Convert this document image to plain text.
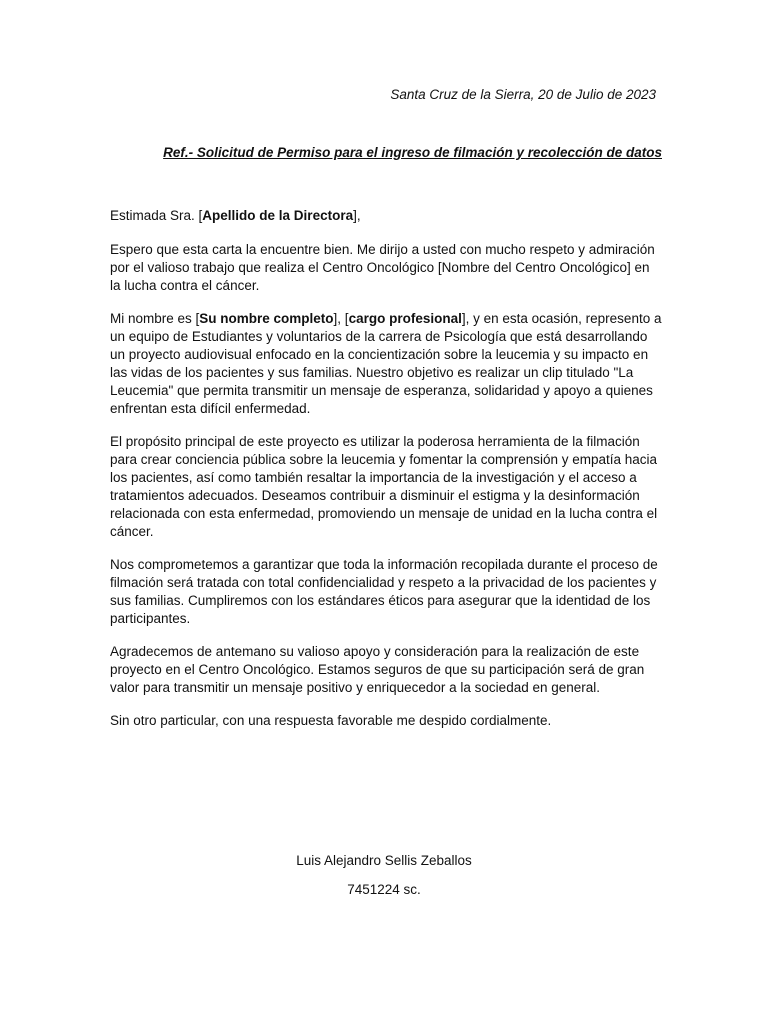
Santa Cruz de la Sierra, 20 de Julio de 2023
Ref.- Solicitud de Permiso para el ingreso de filmación y recolección de datos

Estimada Sra. [Apellido de la Directora],

Espero que esta carta la encuentre bien. Me dirijo a usted con mucho respeto y admiración por el valioso trabajo que realiza el Centro Oncológico [Nombre del Centro Oncológico] en la lucha contra el cáncer.

Mi nombre es [Su nombre completo], [cargo profesional], y en esta ocasión, represento a un equipo de Estudiantes y voluntarios de la carrera de Psicología que está desarrollando un proyecto audiovisual enfocado en la concientización sobre la leucemia y su impacto en las vidas de los pacientes y sus familias. Nuestro objetivo es realizar un clip titulado "La Leucemia" que permita transmitir un mensaje de esperanza, solidaridad y apoyo a quienes enfrentan esta difícil enfermedad.

El propósito principal de este proyecto es utilizar la poderosa herramienta de la filmación para crear conciencia pública sobre la leucemia y fomentar la comprensión y empatía hacia los pacientes, así como también resaltar la importancia de la investigación y el acceso a tratamientos adecuados. Deseamos contribuir a disminuir el estigma y la desinformación relacionada con esta enfermedad, promoviendo un mensaje de unidad en la lucha contra el cáncer.

Nos comprometemos a garantizar que toda la información recopilada durante el proceso de filmación será tratada con total confidencialidad y respeto a la privacidad de los pacientes y sus familias. Cumpliremos con los estándares éticos para asegurar que la identidad de los participantes.

Agradecemos de antemano su valioso apoyo y consideración para la realización de este proyecto en el Centro Oncológico. Estamos seguros de que su participación será de gran valor para transmitir un mensaje positivo y enriquecedor a la sociedad en general.

Sin otro particular, con una respuesta favorable me despido cordialmente.

Luis Alejandro Sellis Zeballos
7451224 sc.
